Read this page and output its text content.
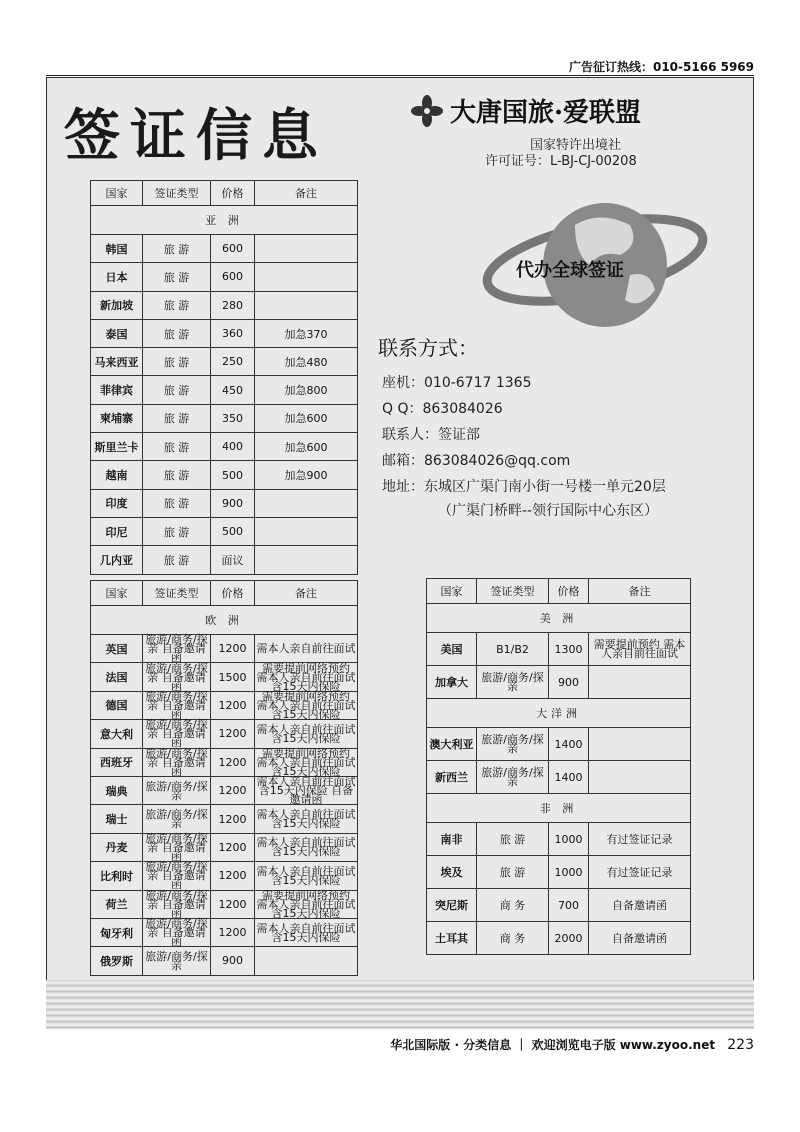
广告征订热线：010-5166 5969
签证信息	大唐国旅·爱联盟
国家特许出境社
许可证号：L-BJ-CJ-00208
代办全球签证
联系方式：
座机：010-6717 1365
Q Q：863084026
联系人：签证部
邮箱：863084026@qq.com
地址：东城区广渠门南小街一号楼一单元20层
（广渠门桥畔--领行国际中心东区）
国家	签证类型	价格	备注
亚 洲			
韩国	旅 游	600	
日本	旅 游	600	
新加坡	旅 游	280	
泰国	旅 游	360	加急370
马来西亚	旅 游	250	加急480
菲律宾	旅 游	450	加急800
柬埔寨	旅 游	350	加急600
斯里兰卡	旅 游	400	加急600
越南	旅 游	500	加急900
印度	旅 游	900	
印尼	旅 游	500	
几内亚	旅 游	面议	
国家	签证类型	价格	备注
欧 洲			
英国	旅游/商务/探亲 自备邀请函	1200	需本人亲自前往面试
法国	旅游/商务/探亲 自备邀请函	1500	需要提前网络预约 需本人亲自前往面试 含15天内保险
德国	旅游/商务/探亲 自备邀请函	1200	需要提前网络预约 需本人亲自前往面试 含15天内保险
意大利	旅游/商务/探亲 自备邀请函	1200	需本人亲自前往面试 含15天内保险
西班牙	旅游/商务/探亲 自备邀请函	1200	需要提前网络预约 需本人亲自前往面试 含15天内保险
瑞典	旅游/商务/探亲	1200	需本人亲自前往面试 含15天内保险 自备邀请函
瑞士	旅游/商务/探亲	1200	需本人亲自前往面试 含15天内保险
丹麦	旅游/商务/探亲 自备邀请函	1200	需本人亲自前往面试 含15天内保险
比利时	旅游/商务/探亲 自备邀请函	1200	需本人亲自前往面试 含15天内保险
荷兰	旅游/商务/探亲 自备邀请函	1200	需要提前网络预约 需本人亲自前往面试 含15天内保险
匈牙利	旅游/商务/探亲 自备邀请函	1200	需本人亲自前往面试 含15天内保险
俄罗斯	旅游/商务/探亲	900	
国家	签证类型	价格	备注
美 洲			
美国	B1/B2	1300	需要提前预约 需本人亲自前往面试
加拿大	旅游/商务/探亲	900	
大洋洲			
澳大利亚	旅游/商务/探亲	1400	
新西兰	旅游/商务/探亲	1400	
非 洲			
南非	旅 游	1000	有过签证记录
埃及	旅 游	1000	有过签证记录
突尼斯	商 务	700	自备邀请函
土耳其	商 务	2000	自备邀请函
华北国际版 · 分类信息 ｜ 欢迎浏览电子版 www.zyoo.net 223
